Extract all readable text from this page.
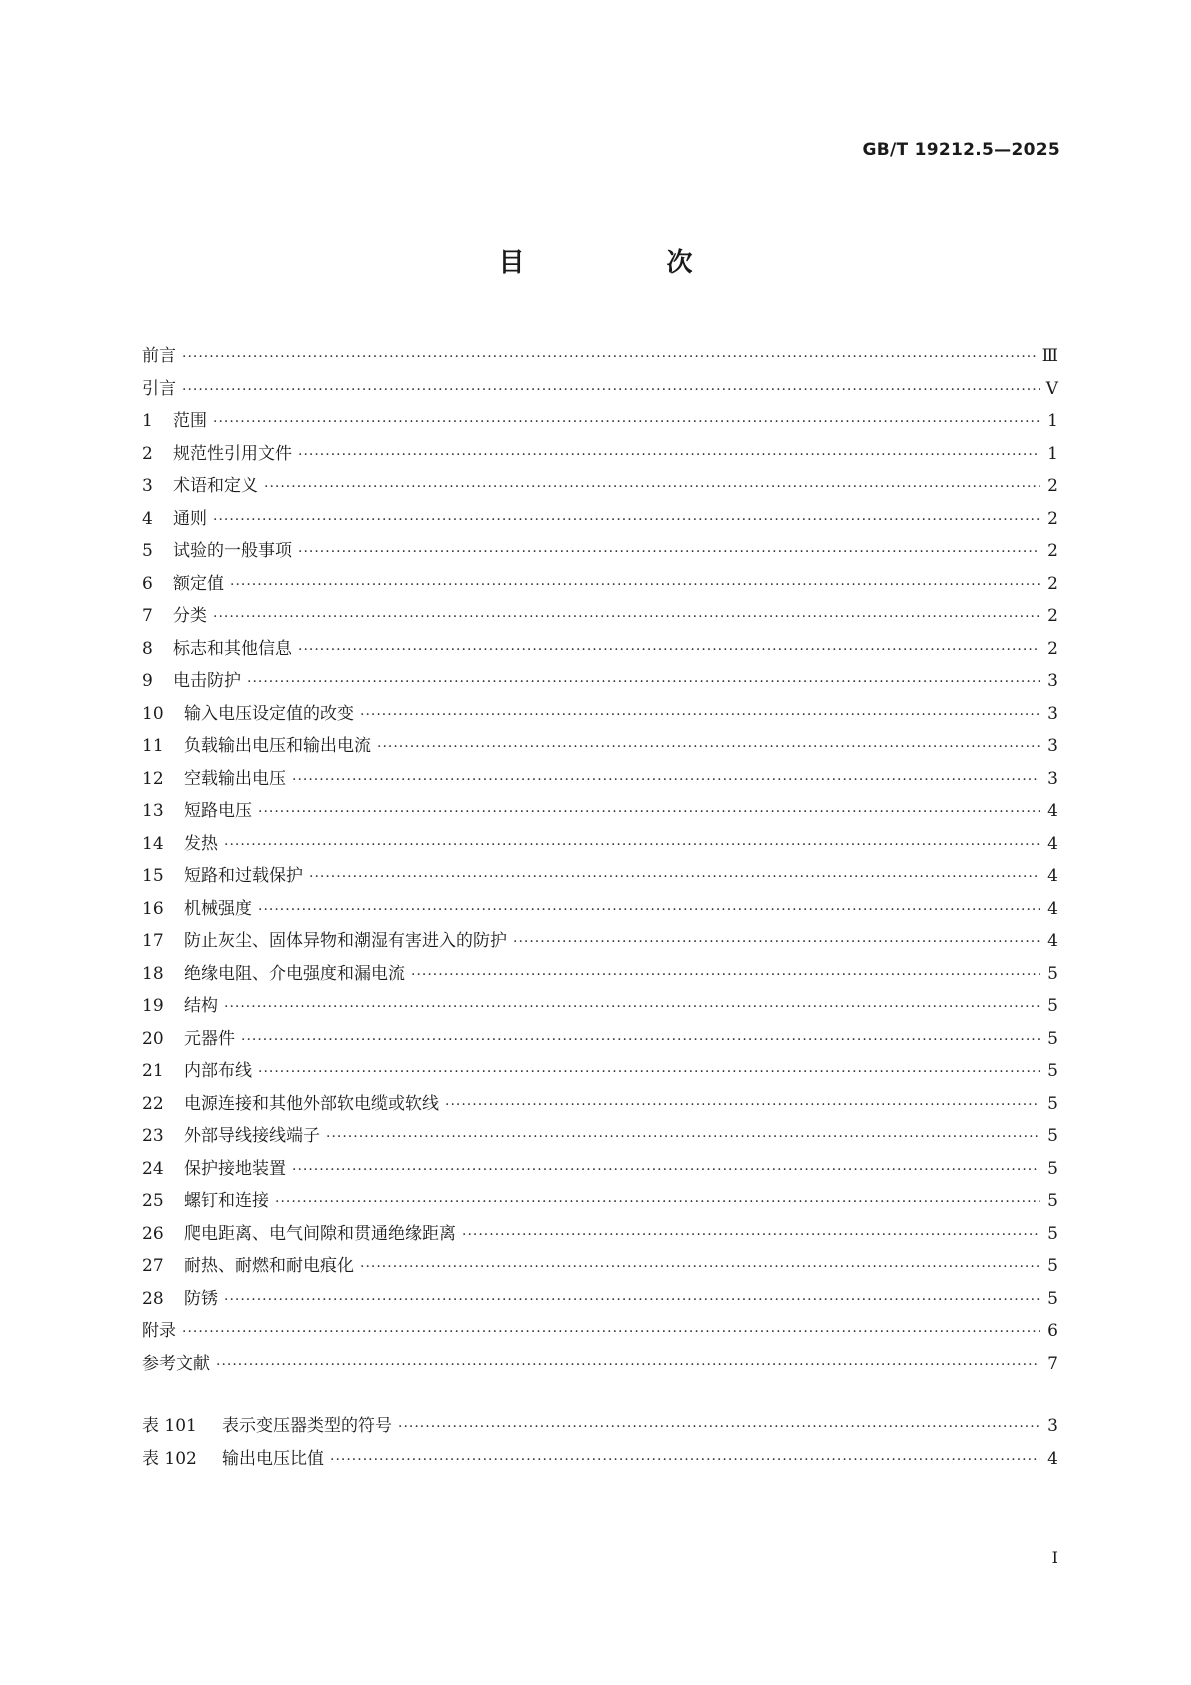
GB/T 19212.5—2025
目　次
前言 ·····	Ⅲ
引言 ·····	Ⅴ
1	范围 ·····	1
2	规范性引用文件 ·····	1
3	术语和定义 ·····	2
4	通则 ·····	2
5	试验的一般事项 ·····	2
6	额定值 ·····	2
7	分类 ·····	2
8	标志和其他信息 ·····	2
9	电击防护 ·····	3
10	输入电压设定值的改变 ·····	3
11	负载输出电压和输出电流 ·····	3
12	空载输出电压 ·····	3
13	短路电压 ·····	4
14	发热 ·····	4
15	短路和过载保护 ·····	4
16	机械强度 ·····	4
17	防止灰尘、固体异物和潮湿有害进入的防护 ·····	4
18	绝缘电阻、介电强度和漏电流 ·····	5
19	结构 ·····	5
20	元器件 ·····	5
21	内部布线 ·····	5
22	电源连接和其他外部软电缆或软线 ·····	5
23	外部导线接线端子 ·····	5
24	保护接地装置 ·····	5
25	螺钉和连接 ·····	5
26	爬电距离、电气间隙和贯通绝缘距离 ·····	5
27	耐热、耐燃和耐电痕化 ·····	5
28	防锈 ·····	5
附录 ·····	6
参考文献 ·····	7
表 101	表示变压器类型的符号 ·····	3
表 102	输出电压比值 ·····	4
Ⅰ
